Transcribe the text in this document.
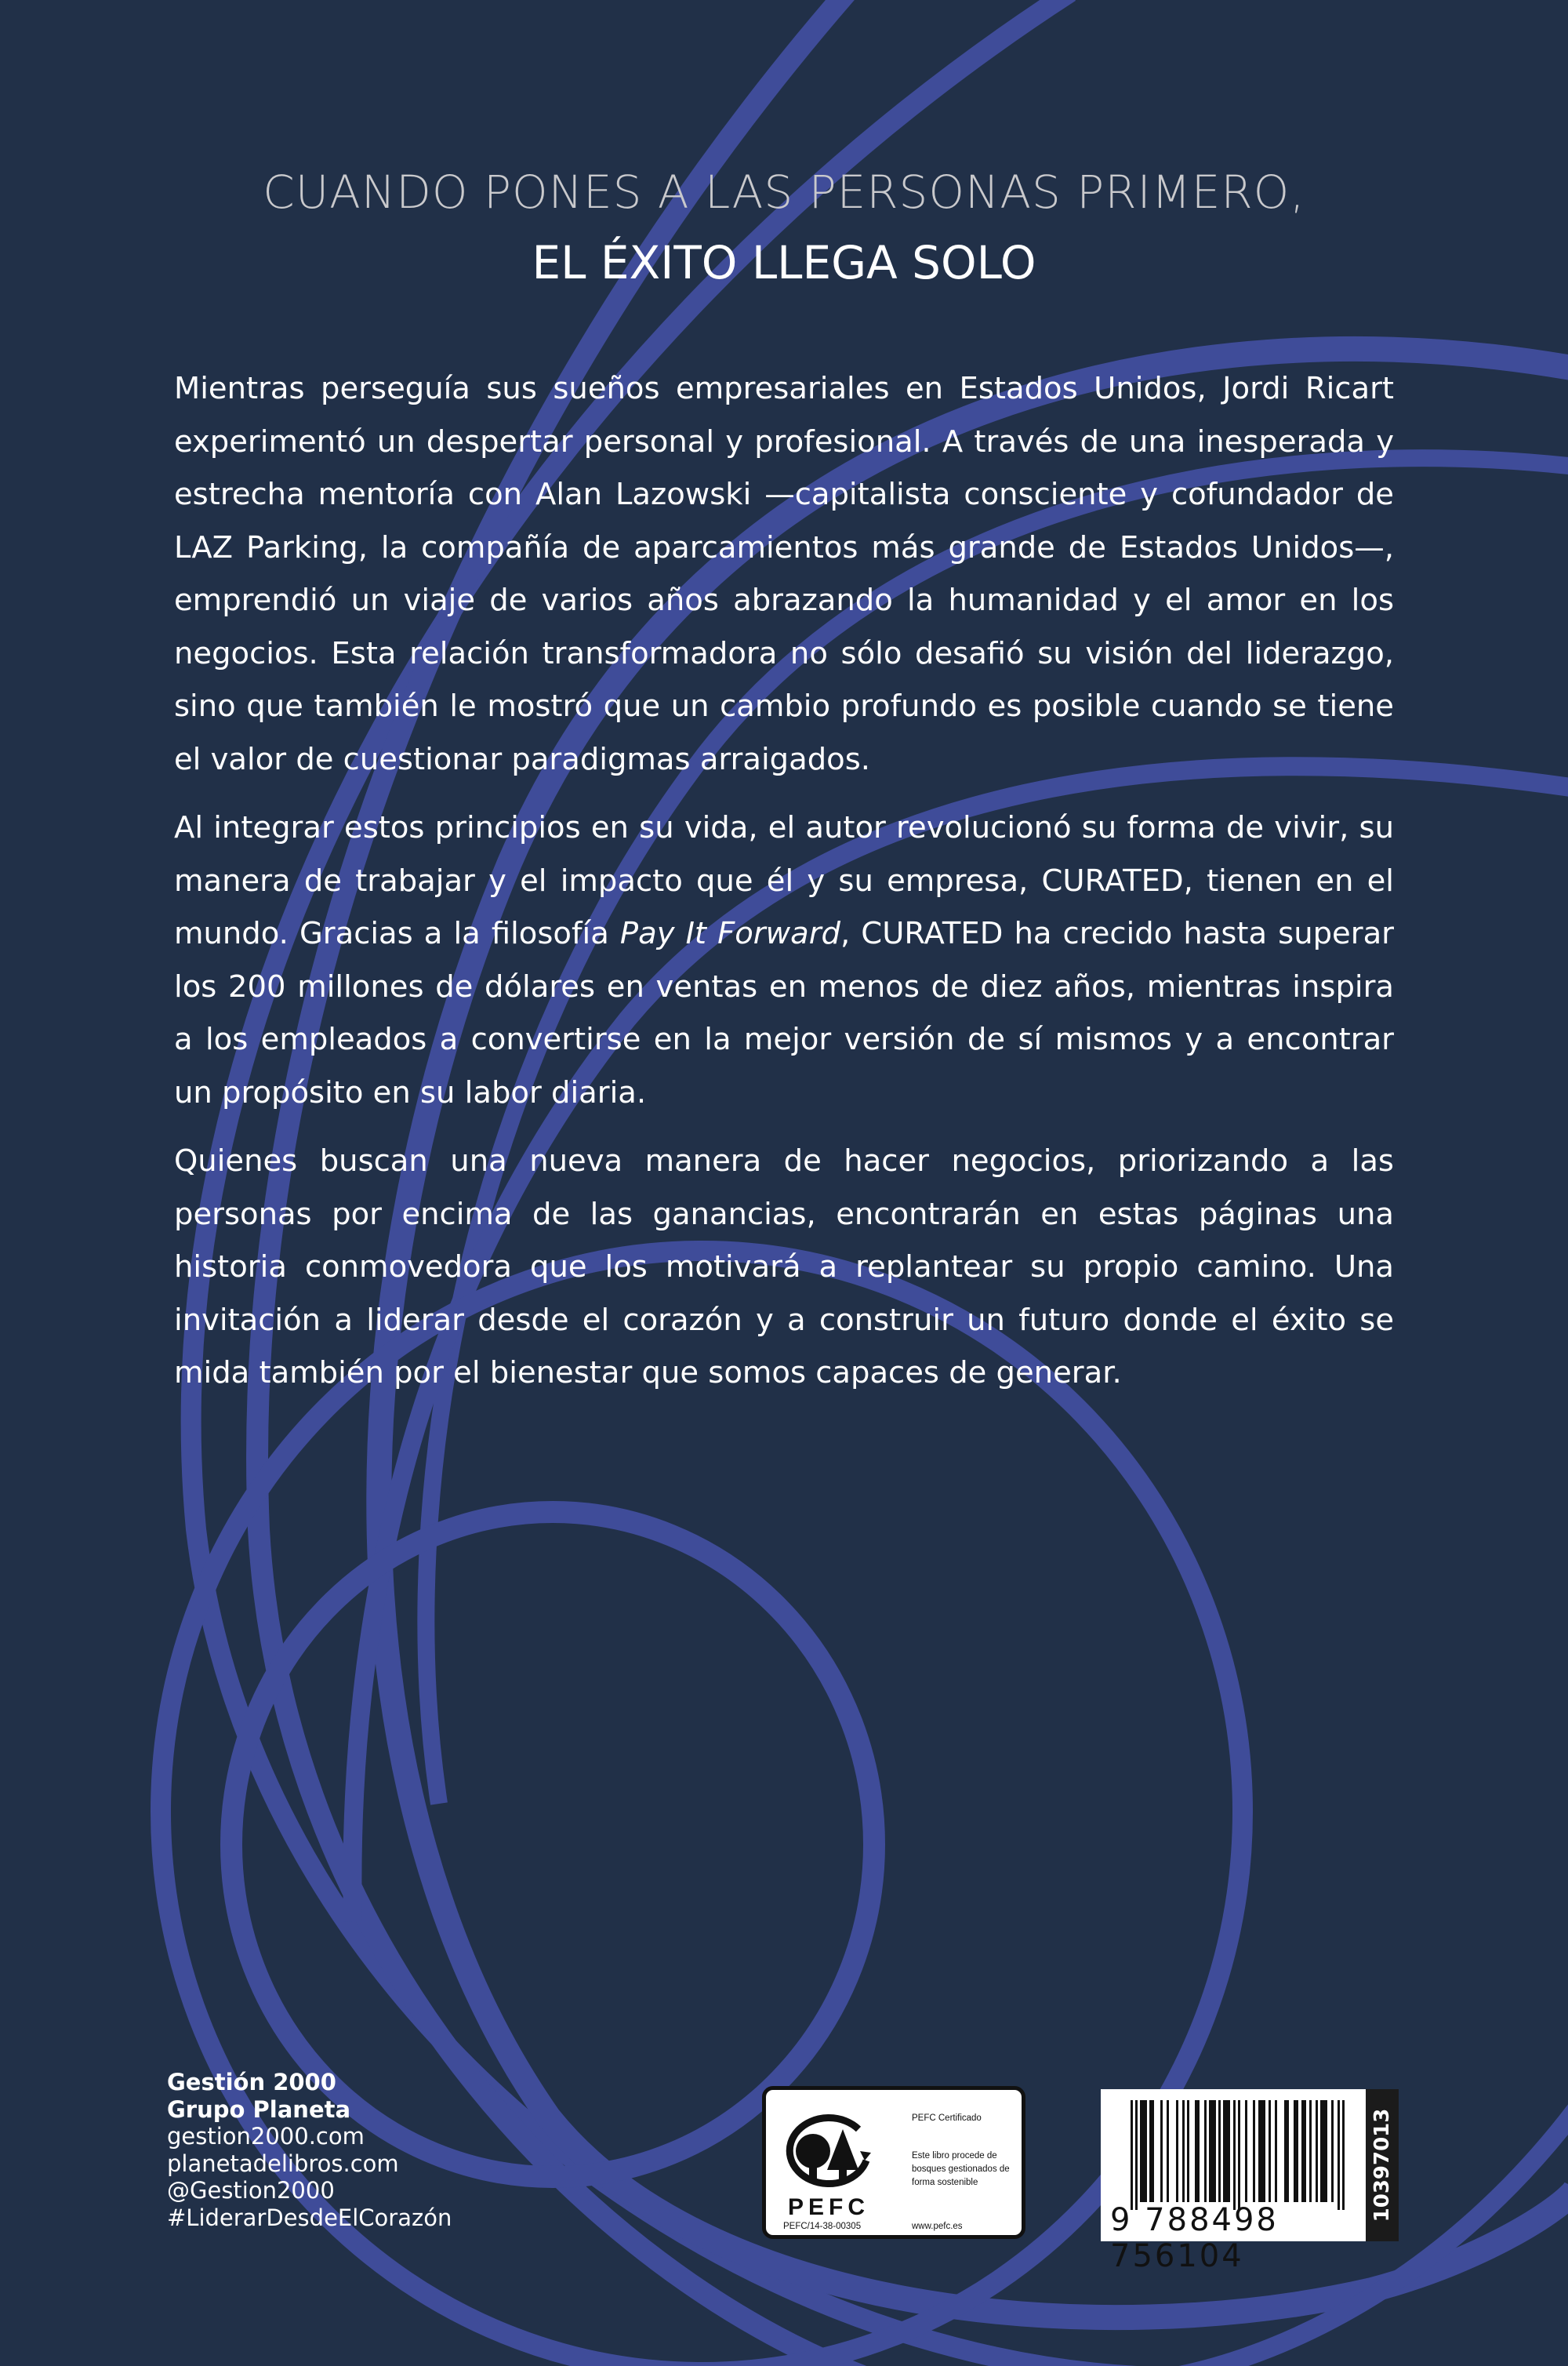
CUANDO PONES A LAS PERSONAS PRIMERO,
EL ÉXITO LLEGA SOLO

Mientras perseguía sus sueños empresariales en Estados Unidos, Jordi Ricart experimentó un despertar personal y profesional. A través de una inesperada y estrecha mentoría con Alan Lazowski —capitalista consciente y cofundador de LAZ Parking, la compañía de aparcamientos más grande de Estados Unidos—, emprendió un viaje de varios años abrazando la humanidad y el amor en los negocios. Esta relación transformadora no sólo desafió su visión del liderazgo, sino que también le mostró que un cambio profundo es posible cuando se tiene el valor de cuestionar paradigmas arraigados.

Al integrar estos principios en su vida, el autor revolucionó su forma de vivir, su manera de trabajar y el impacto que él y su empresa, CURATED, tienen en el mundo. Gracias a la filosofía Pay It Forward, CURATED ha crecido hasta superar los 200 millones de dólares en ventas en menos de diez años, mientras inspira a los empleados a convertirse en la mejor versión de sí mismos y a encontrar un propósito en su labor diaria.

Quienes buscan una nueva manera de hacer negocios, priorizando a las personas por encima de las ganancias, encontrarán en estas páginas una historia conmovedora que los motivará a replantear su propio camino. Una invitación a liderar desde el corazón y a construir un futuro donde el éxito se mida también por el bienestar que somos capaces de generar.

Gestión 2000
Grupo Planeta
gestion2000.com
planetadelibros.com
@Gestion2000
#LiderarDesdeElCorazón	PEFC
PEFC/14-38-00305
PEFC Certificado
Este libro procede de bosques gestionados de forma sostenible
www.pefc.es	9 788498 756104
10397013
